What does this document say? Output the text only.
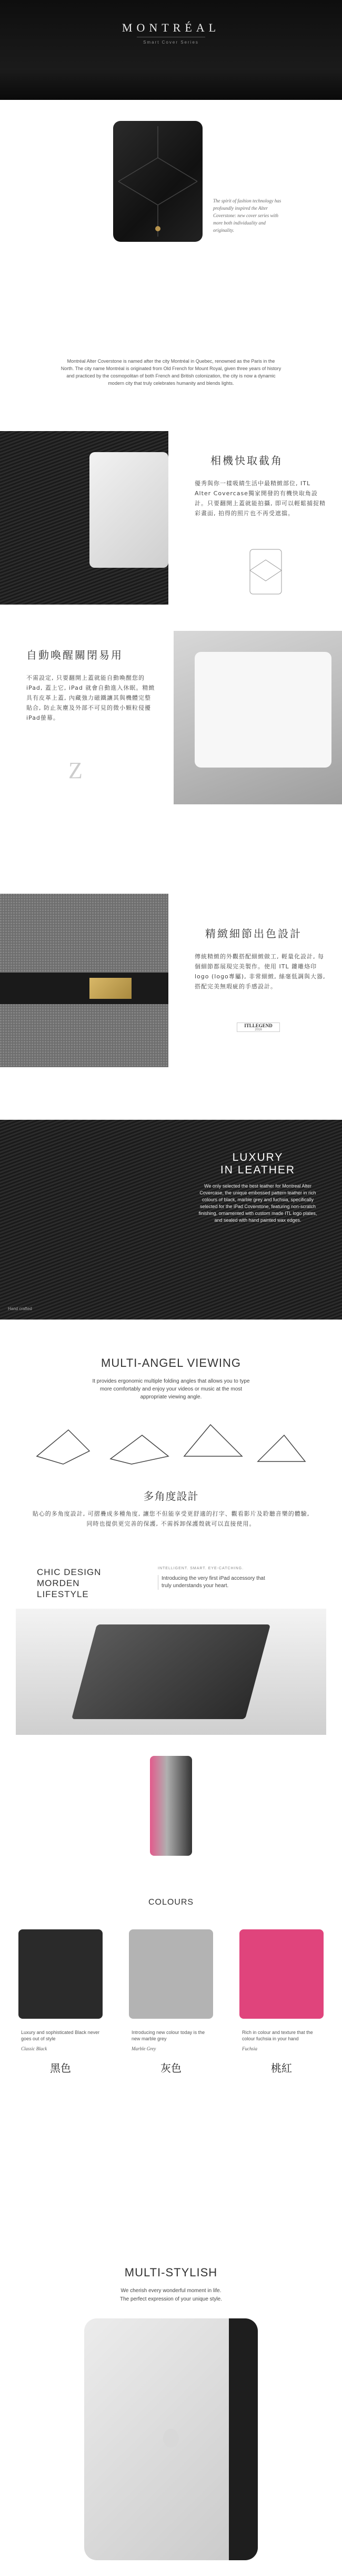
MONTRÉAL
Smart Cover Series
The spirit of fashion technology has profoundly inspired the Alter Coverstone: new cover series with more both individuality and originality.
Montréal Alter Coverstone is named after the city Montréal in Quebec, renowned as the Paris in the North. The city name Montréal is originated from Old French for Mount Royal, given three years of history and practiced by the cosmopolitan of both French and British colonization, the city is now a dynamic modern city that truly celebrates humanity and blends lights.
相機快取截角
優秀與你一樣吸睛生活中最精緻部位, ITL Alter Covercase獨家開發的有機快取角設計。只要翻開上蓋就能拍攝, 即可以輕鬆捕捉精彩畫面, 拍得的照片也不再受遮擋。
自動喚醒關閉易用
不需設定, 只要翻開上蓋就能自動喚醒您的iPad, 蓋上它, iPad 就會自動進入休眠。精緻具有皮革上蓋, 內藏強力磁鐵讓其與機體完整貼合, 防止灰塵及外部不可見的微小顆粒侵擾iPad螢幕。
Z
精緻細節出色設計
傳統精緻的外觀搭配細緻做工, 輕量化設計, 每個細節都展現完美製作。使用 ITL 鏤雕烙印 logo (logo專屬), 非常細緻, 絲毫低調與大器, 搭配完美無瑕疵的手感設計。
ITLLEGEND
2016
LUXURY
IN LEATHER
We only selected the best leather for Montreal Alter Covercase, the unique embossed pattern leather in rich colours of black, marble grey and fuchsia, specifically selected for the iPad Coverstone, featuring non-scratch finishing, ornamented with custom made ITL logo plates, and sealed with hand painted wax edges.
Hand crafted
MULTI-ANGEL VIEWING
It provides ergonomic multiple folding angles that allows you to type more comfortably and enjoy your videos or music at the most appropriate viewing angle.
多角度設計
貼心的多角度設計, 可摺疊成多種角度, 讓您不但能享受更舒適的打字、觀看影片及聆聽音樂的體驗, 同時也提供更完善的保護, 不需拆卸保護殼就可以直接使用。
CHIC DESIGN
MORDEN
LIFESTYLE
INTELLIGENT. SMART. EYE-CATCHING.
Introducing the very first iPad accessory that truly understands your heart.
COLOURS
Luxury and sophisticated Black never goes out of style
Introducing new colour today is the new marble grey
Rich in colour and texture that the colour fuchsia in your hand
Classic Black	Marble Grey	Fuchsia
黑色	灰色	桃紅
MULTI-STYLISH
We cherish every wonderful moment in life.
The perfect expression of your unique style.
